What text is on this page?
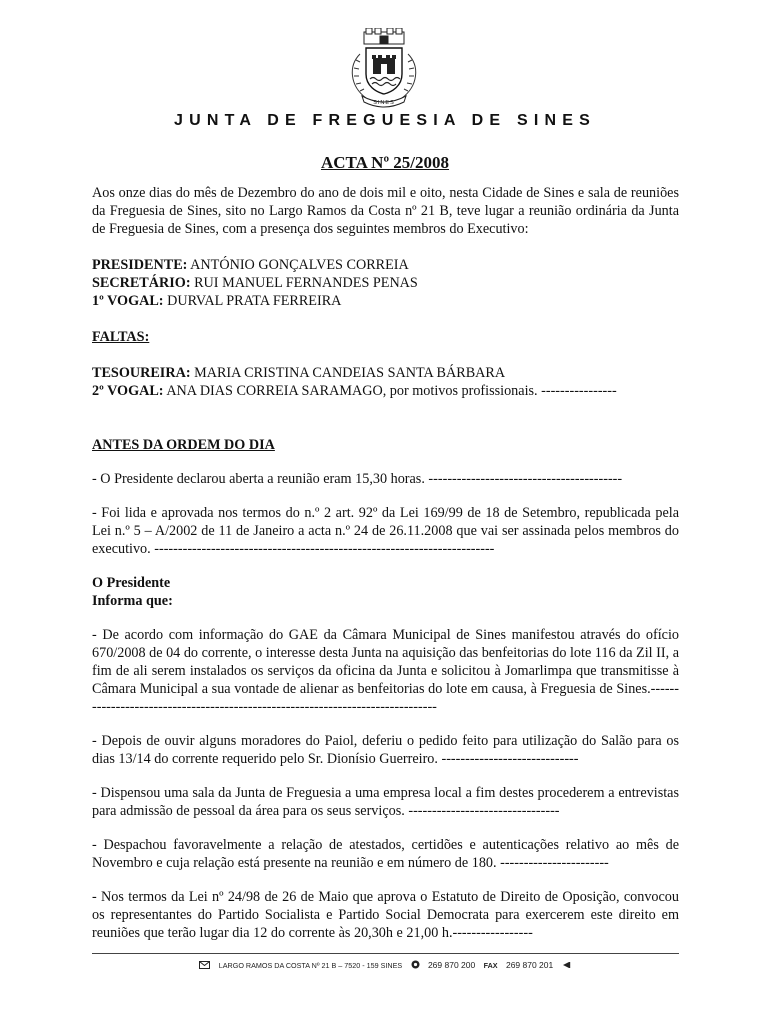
SINES
JUNTA DE FREGUESIA DE SINES
ACTA Nº 25/2008

Aos onze dias do mês de Dezembro do ano de dois mil e oito, nesta Cidade de Sines e sala de reuniões da Freguesia de Sines, sito no Largo Ramos da Costa nº 21 B, teve lugar a reunião ordinária da Junta de Freguesia de Sines, com a presença dos seguintes membros do Executivo:

PRESIDENTE: ANTÓNIO GONÇALVES CORREIA
SECRETÁRIO: RUI MANUEL FERNANDES PENAS
1º VOGAL: DURVAL PRATA FERREIRA
FALTAS:
TESOUREIRA: MARIA CRISTINA CANDEIAS SANTA BÁRBARA
2º VOGAL: ANA DIAS CORREIA SARAMAGO, por motivos profissionais. ----------------
ANTES DA ORDEM DO DIA

- O Presidente declarou aberta a reunião eram 15,30 horas. -----------------------------------------

- Foi lida e aprovada nos termos do n.º 2 art. 92º da Lei 169/99 de 18 de Setembro, republicada pela Lei n.º 5 – A/2002 de 11 de Janeiro a acta n.º 24 de 26.11.2008 que vai ser assinada pelos membros do executivo. ------------------------------------------------------------------------

O Presidente
Informa que:

- De acordo com informação do GAE da Câmara Municipal de Sines manifestou através do ofício 670/2008 de 04 do corrente, o interesse desta Junta na aquisição das benfeitorias do lote 116 da Zil II, a fim de ali serem instalados os serviços da oficina da Junta e solicitou à Jomarlimpa que transmitisse à Câmara Municipal a sua vontade de alienar as benfeitorias do lote em causa, à Freguesia de Sines.-------------------------------------------------------------------------------

- Depois de ouvir alguns moradores do Paiol, deferiu o pedido feito para utilização do Salão para os dias 13/14 do corrente requerido pelo Sr. Dionísio Guerreiro. -----------------------------

- Dispensou uma sala da Junta de Freguesia a uma empresa local a fim destes procederem a entrevistas para admissão de pessoal da área para os seus serviços. --------------------------------

- Despachou favoravelmente a relação de atestados, certidões e autenticações relativo ao mês de Novembro e cuja relação está presente na reunião e em número de 180. -----------------------

- Nos termos da Lei nº 24/98 de 26 de Maio que aprova o Estatuto de Direito de Oposição, convocou os representantes do Partido Socialista e Partido Social Democrata para exercerem este direito em reuniões que terão lugar dia 12 do corrente às 20,30h e 21,00 h.-----------------

LARGO RAMOS DA COSTA Nº 21 B – 7520 - 159 SINES	269 870 200 FAX 269 870 201
